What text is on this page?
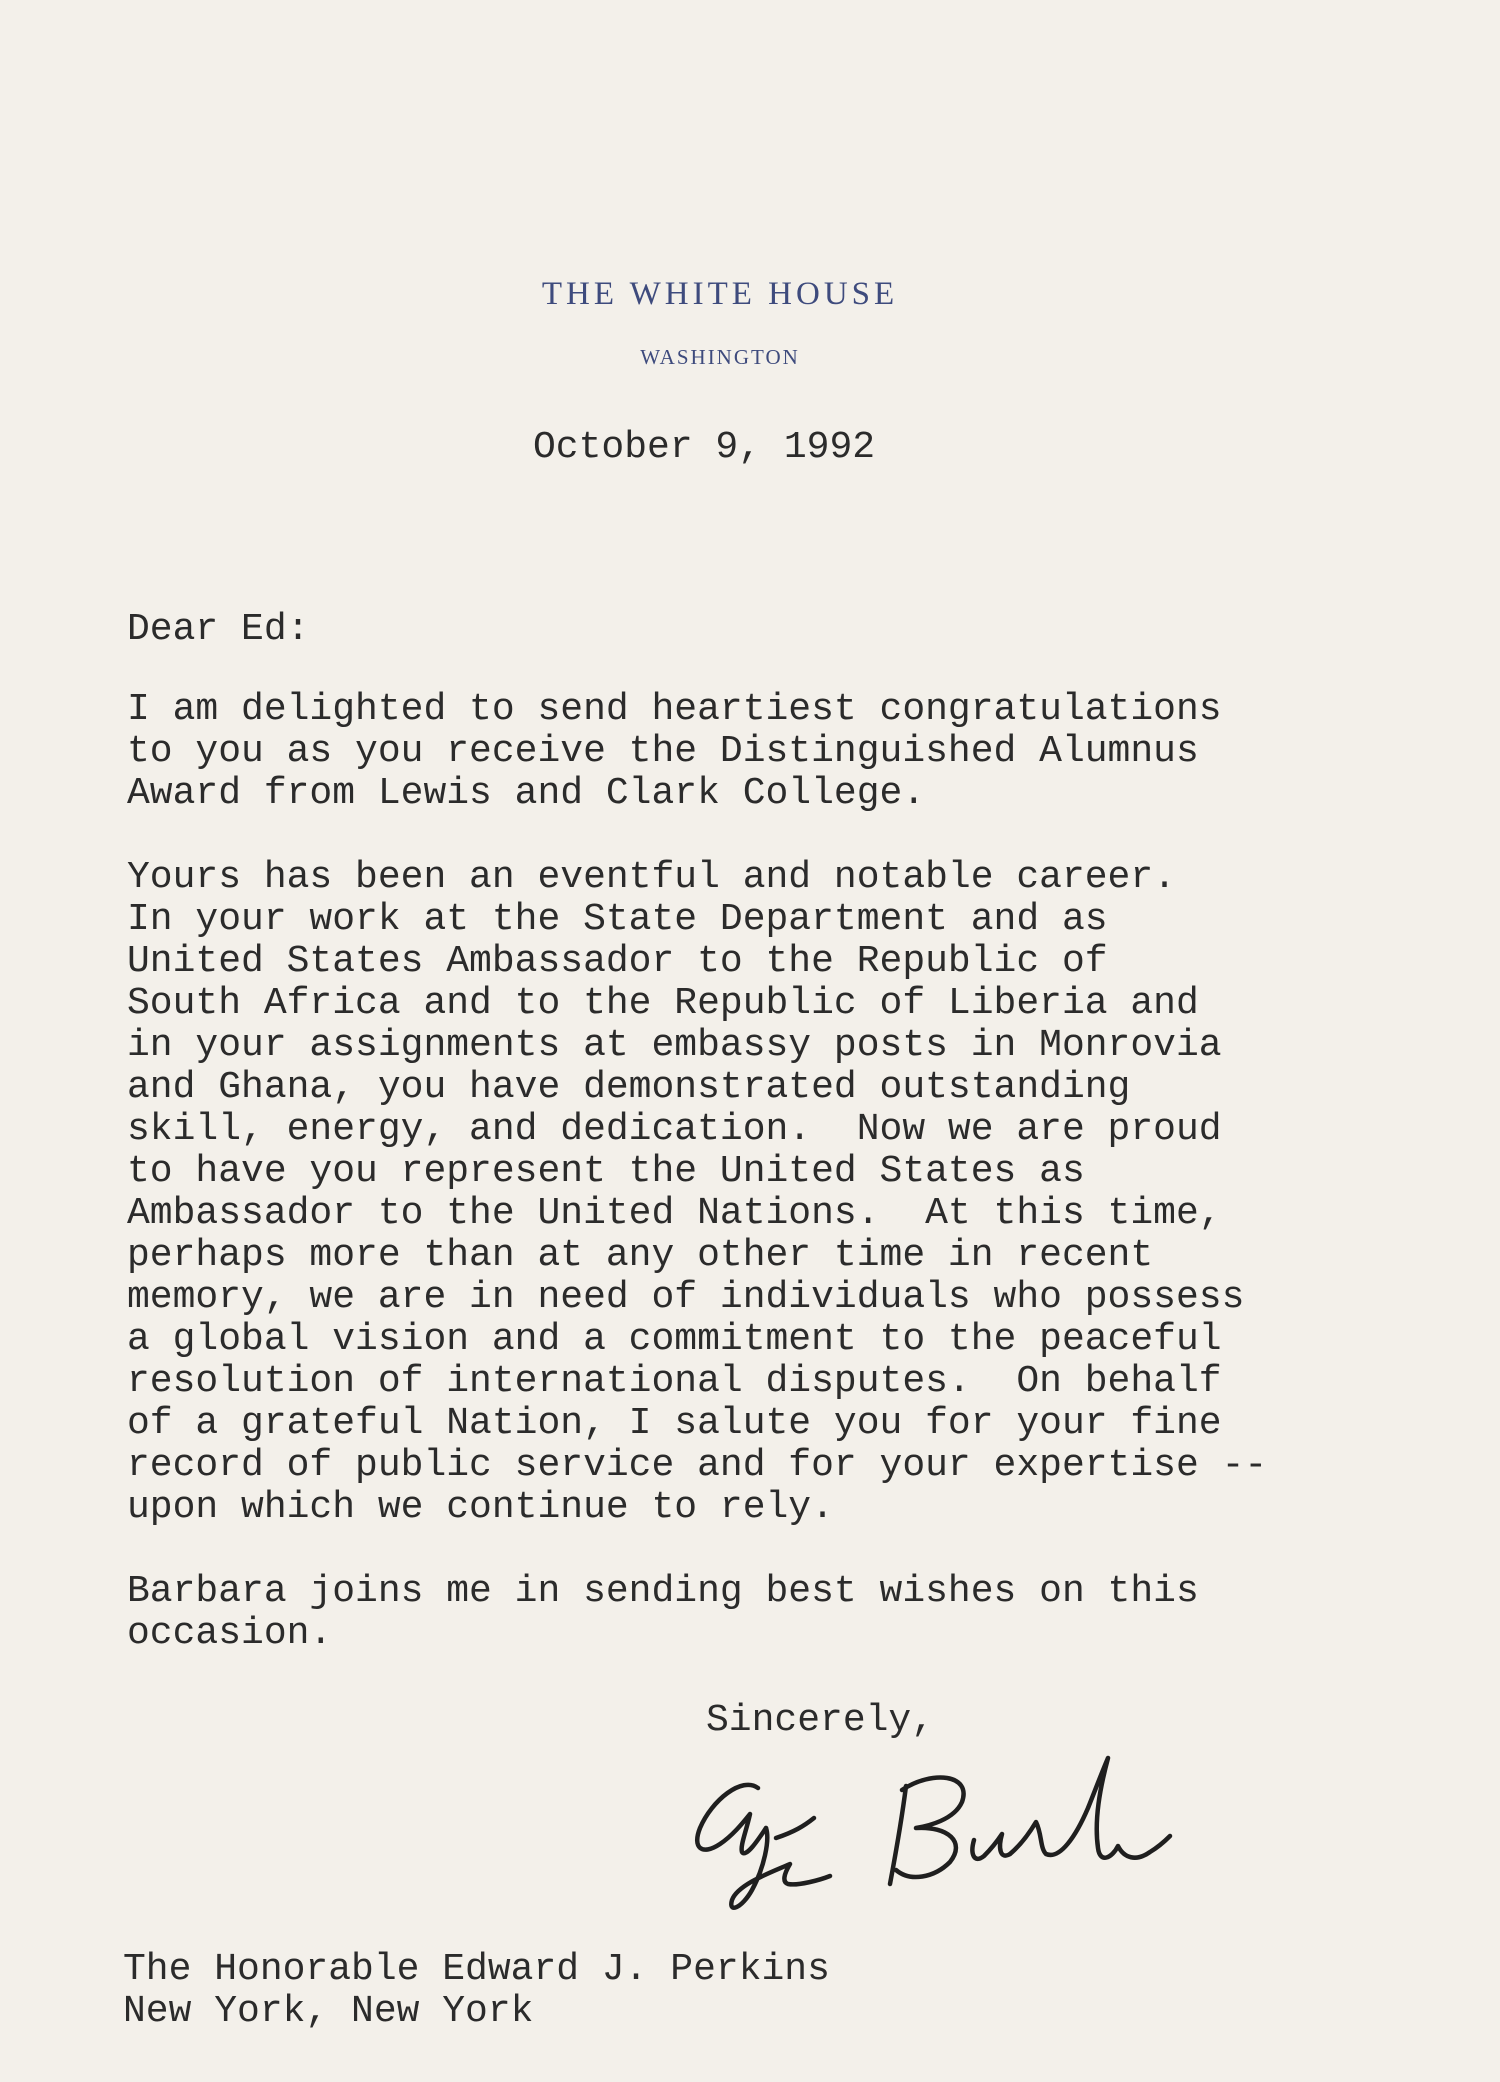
THE WHITE HOUSE
WASHINGTON
October 9, 1992
Dear Ed:

I am delighted to send heartiest congratulations
to you as you receive the Distinguished Alumnus
Award from Lewis and Clark College.

Yours has been an eventful and notable career.
In your work at the State Department and as
United States Ambassador to the Republic of
South Africa and to the Republic of Liberia and
in your assignments at embassy posts in Monrovia
and Ghana, you have demonstrated outstanding
skill, energy, and dedication.  Now we are proud
to have you represent the United States as
Ambassador to the United Nations.  At this time,
perhaps more than at any other time in recent
memory, we are in need of individuals who possess
a global vision and a commitment to the peaceful
resolution of international disputes.  On behalf
of a grateful Nation, I salute you for your fine
record of public service and for your expertise --
upon which we continue to rely.

Barbara joins me in sending best wishes on this
occasion.

Sincerely,
The Honorable Edward J. Perkins
New York, New York
